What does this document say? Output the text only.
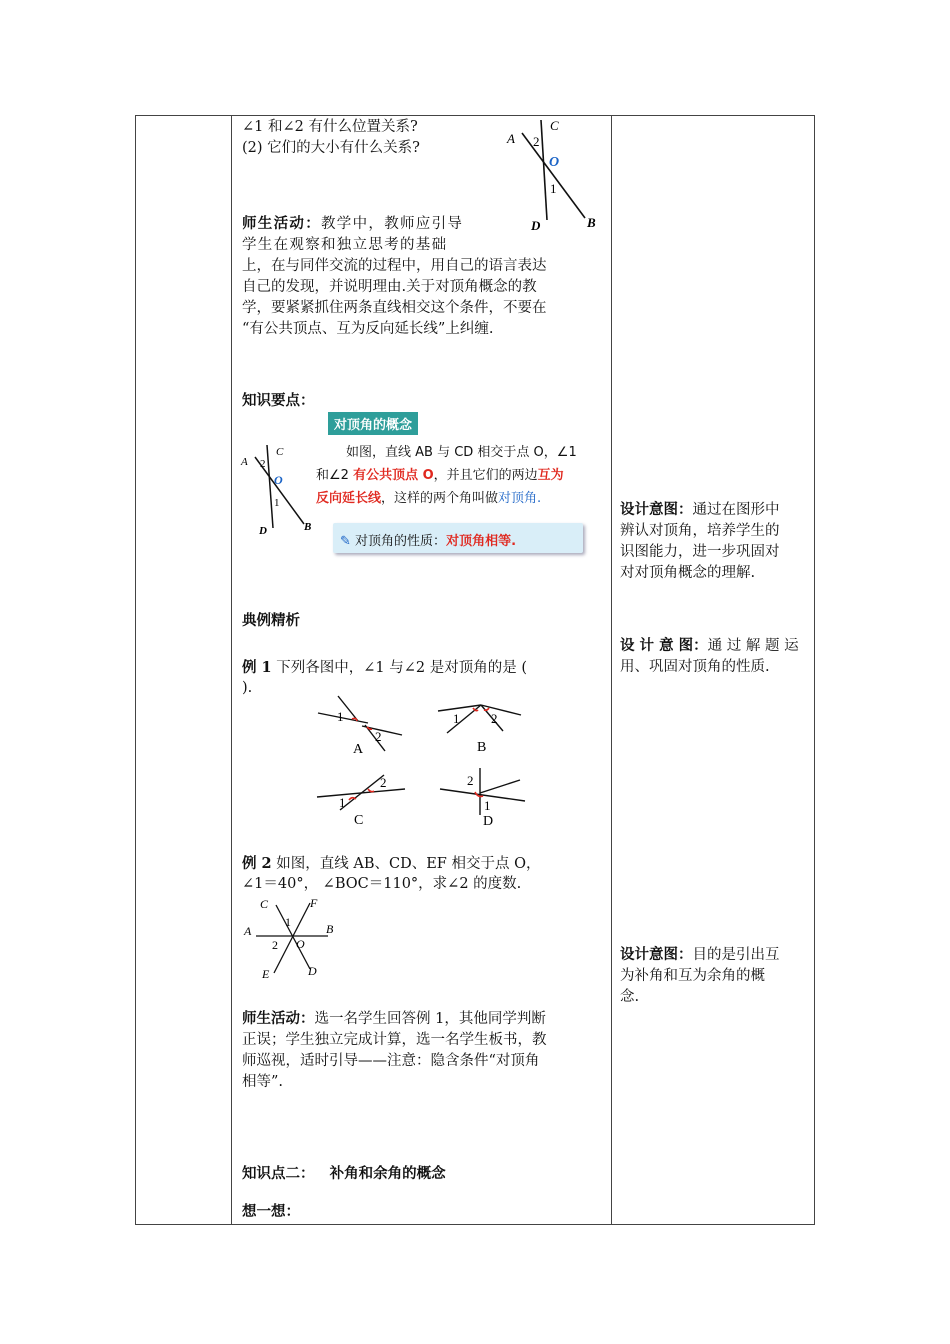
∠1 和∠2 有什么位置关系?
(2) 它们的大小有什么关系?
C
A 2
O
1
D	B
师生活动：教学中，教师应引导
学生在观察和独立思考的基础
上，在与同伴交流的过程中，用自己的语言表达
自己的发现，并说明理由.关于对顶角概念的教
学，要紧紧抓住两条直线相交这个条件，不要在
“有公共顶点、互为反向延长线”上纠缠.
知识要点：
对顶角的概念
C
A 2
O
1
D	B
如图，直线 AB 与 CD 相交于点 O，∠1
和∠2 有公共顶点 O，并且它们的两边互为
反向延长线，这样的两个角叫做对顶角.
✎ 对顶角的性质：对顶角相等.
典例精析
例 1 下列各图中，∠1 与∠2 是对顶角的是 (
).
1
2
A
1 2
B
1
2
C
2
1
D
例 2 如图，直线 AB、CD、EF 相交于点 O，
∠1＝40°， ∠BOC＝110°，求∠2 的度数.
C	F
A	B
1
2 O
E	D
师生活动：选一名学生回答例 1，其他同学判断
正误；学生独立完成计算，选一名学生板书，教
师巡视，适时引导——注意：隐含条件“对顶角
相等”.
知识点二：   补角和余角的概念
想一想：
设计意图：通过在图形中
辨认对顶角，培养学生的
识图能力，进一步巩固对
对对顶角概念的理解.
设 计 意 图：通 过 解 题 运
用、巩固对顶角的性质.
设计意图：目的是引出互
为补角和互为余角的概
念.
